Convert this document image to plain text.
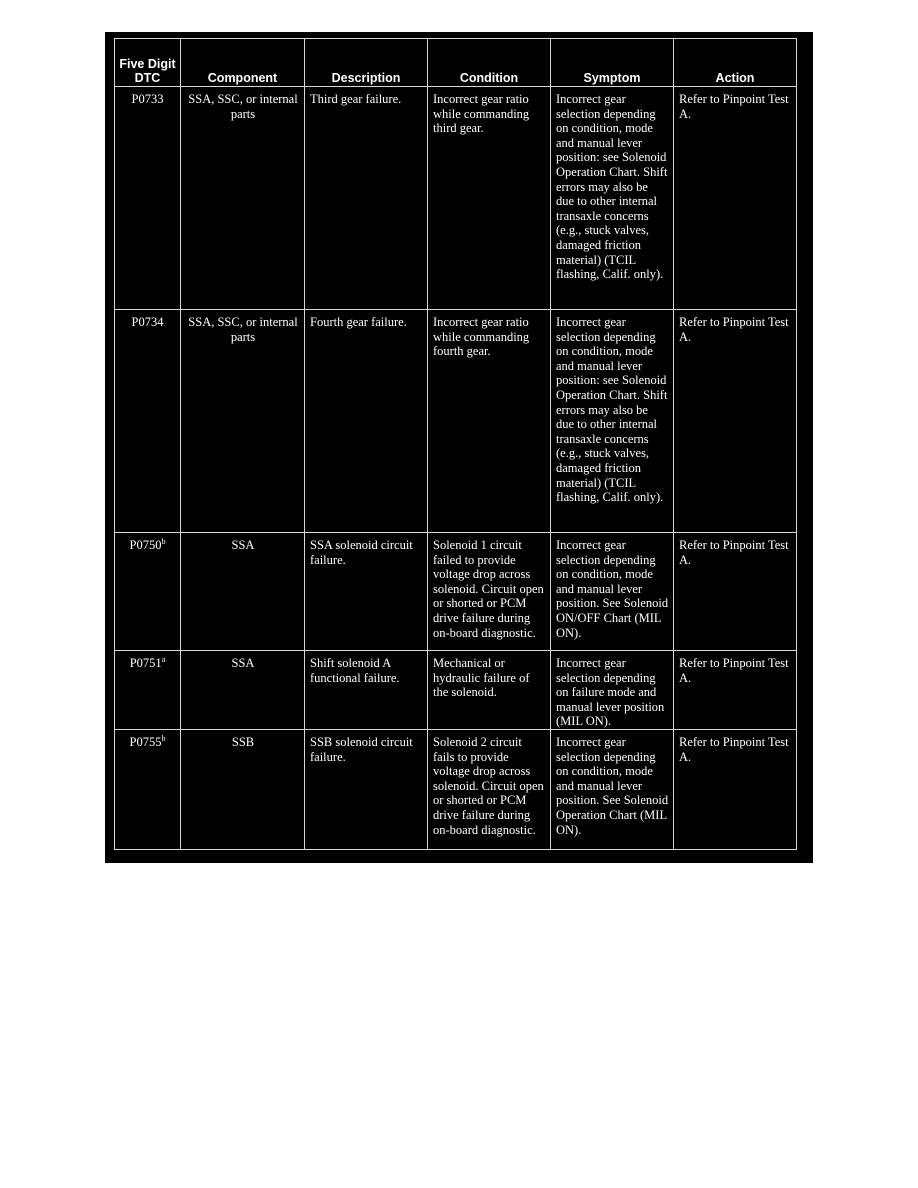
Five Digit DTC	Component	Description	Condition	Symptom	Action
P0733	SSA, SSC, or internal parts	Third gear failure.	Incorrect gear ratio while commanding third gear.	Incorrect gear selection depending on condition, mode and manual lever position: see Solenoid Operation Chart. Shift errors may also be due to other internal transaxle concerns (e.g., stuck valves, damaged friction material) (TCIL flashing, Calif. only).	Refer to Pinpoint Test A.
P0734	SSA, SSC, or internal parts	Fourth gear failure.	Incorrect gear ratio while commanding fourth gear.	Incorrect gear selection depending on condition, mode and manual lever position: see Solenoid Operation Chart. Shift errors may also be due to other internal transaxle concerns (e.g., stuck valves, damaged friction material) (TCIL flashing, Calif. only).	Refer to Pinpoint Test A.
P0750$^b$	SSA	SSA solenoid circuit failure.	Solenoid 1 circuit failed to provide voltage drop across solenoid. Circuit open or shorted or PCM drive failure during on-board diagnostic.	Incorrect gear selection depending on condition, mode and manual lever position. See Solenoid ON/OFF Chart (MIL ON).	Refer to Pinpoint Test A.
P0751$^a$	SSA	Shift solenoid A functional failure.	Mechanical or hydraulic failure of the solenoid.	Incorrect gear selection depending on failure mode and manual lever position (MIL ON).	Refer to Pinpoint Test A.
P0755$^b$	SSB	SSB solenoid circuit failure.	Solenoid 2 circuit fails to provide voltage drop across solenoid. Circuit open or shorted or PCM drive failure during on-board diagnostic.	Incorrect gear selection depending on condition, mode and manual lever position. See Solenoid Operation Chart (MIL ON).	Refer to Pinpoint Test A.
